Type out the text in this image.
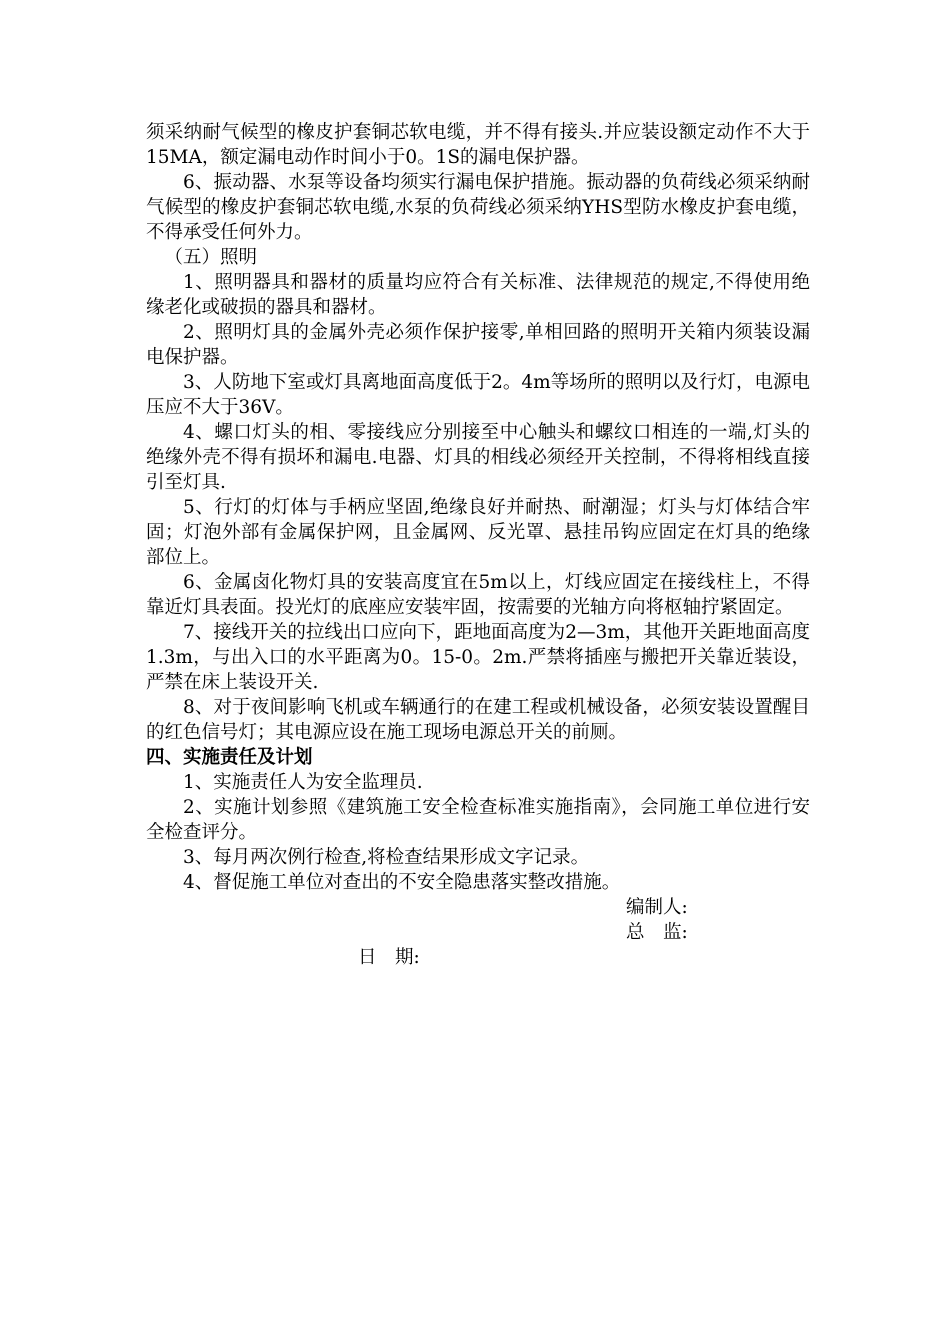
须采纳耐气候型的橡皮护套铜芯软电缆，并不得有接头.并应装设额定动作不大于15MA，额定漏电动作时间小于0。1S的漏电保护器。

6、振动器、水泵等设备均须实行漏电保护措施。振动器的负荷线必须采纳耐气候型的橡皮护套铜芯软电缆,水泵的负荷线必须采纳YHS型防水橡皮护套电缆，不得承受任何外力。

（五）照明

1、照明器具和器材的质量均应符合有关标准、法律规范的规定,不得使用绝缘老化或破损的器具和器材。

2、照明灯具的金属外壳必须作保护接零,单相回路的照明开关箱内须装设漏电保护器。

3、人防地下室或灯具离地面高度低于2。4m等场所的照明以及行灯，电源电压应不大于36V。

4、螺口灯头的相、零接线应分别接至中心触头和螺纹口相连的一端,灯头的绝缘外壳不得有损坏和漏电.电器、灯具的相线必须经开关控制，不得将相线直接引至灯具.

5、行灯的灯体与手柄应坚固,绝缘良好并耐热、耐潮湿；灯头与灯体结合牢固；灯泡外部有金属保护网，且金属网、反光罩、悬挂吊钩应固定在灯具的绝缘部位上。

6、金属卤化物灯具的安装高度宜在5m以上，灯线应固定在接线柱上，不得靠近灯具表面。投光灯的底座应安装牢固，按需要的光轴方向将枢轴拧紧固定。

7、接线开关的拉线出口应向下，距地面高度为2—3m，其他开关距地面高度1.3m，与出入口的水平距离为0。15-0。2m.严禁将插座与搬把开关靠近装设，严禁在床上装设开关.

8、对于夜间影响飞机或车辆通行的在建工程或机械设备，必须安装设置醒目的红色信号灯；其电源应设在施工现场电源总开关的前厕。

四、实施责任及计划

1、实施责任人为安全监理员.

2、实施计划参照《建筑施工安全检查标准实施指南》，会同施工单位进行安全检查评分。

3、每月两次例行检查,将检查结果形成文字记录。

4、督促施工单位对查出的不安全隐患落实整改措施。

编制人:

总　监:

日　期:
